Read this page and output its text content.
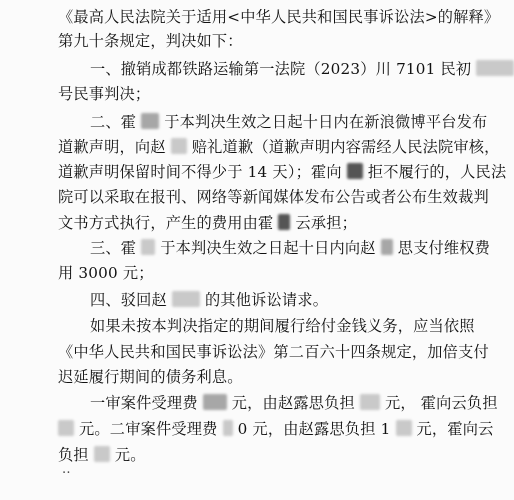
《最高人民法院关于适用<中华人民共和国民事诉讼法>的解释》
第九十条规定，判决如下：
一、撤销成都铁路运输第一法院（2023）川 7101 民初
号民事判决；
二、霍 于本判决生效之日起十日内在新浪微博平台发布
道歉声明，向赵 赔礼道歉（道歉声明内容需经人民法院审核，
道歉声明保留时间不得少于 14 天）；霍向 拒不履行的，人民法
院可以采取在报刊、网络等新闻媒体发布公告或者公布生效裁判
文书方式执行，产生的费用由霍 云承担；
三、霍 于本判决生效之日起十日内向赵 思支付维权费
用 3000 元；
四、驳回赵	的其他诉讼请求。
如果未按本判决指定的期间履行给付金钱义务，应当依照
《中华人民共和国民事诉讼法》第二百六十四条规定，加倍支付
迟延履行期间的债务利息。
一审案件受理费 元，由赵露思负担 元， 霍向云负担
元。二审案件受理费 0 元，由赵露思负担 1 元，霍向云
负担 元。
..
